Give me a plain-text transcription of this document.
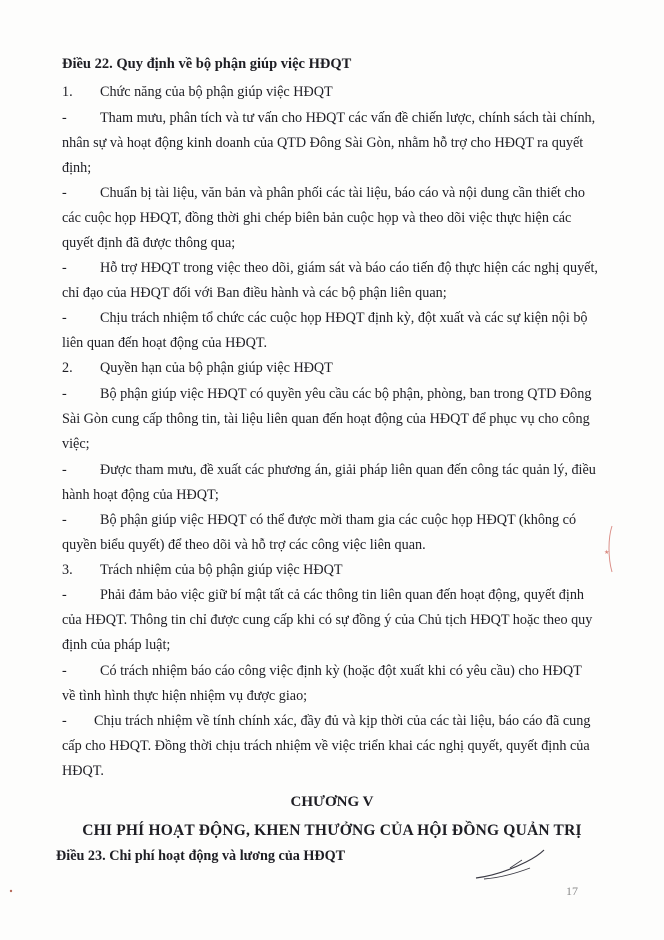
Điều 22. Quy định về bộ phận giúp việc HĐQT
1. Chức năng của bộ phận giúp việc HĐQT
- Tham mưu, phân tích và tư vấn cho HĐQT các vấn đề chiến lược, chính sách tài chính,
nhân sự và hoạt động kinh doanh của QTD Đông Sài Gòn, nhằm hỗ trợ cho HĐQT ra quyết
định;
- Chuẩn bị tài liệu, văn bản và phân phối các tài liệu, báo cáo và nội dung cần thiết cho
các cuộc họp HĐQT, đồng thời ghi chép biên bản cuộc họp và theo dõi việc thực hiện các
quyết định đã được thông qua;
- Hỗ trợ HĐQT trong việc theo dõi, giám sát và báo cáo tiến độ thực hiện các nghị quyết,
chỉ đạo của HĐQT đối với Ban điều hành và các bộ phận liên quan;
- Chịu trách nhiệm tổ chức các cuộc họp HĐQT định kỳ, đột xuất và các sự kiện nội bộ
liên quan đến hoạt động của HĐQT.
2. Quyền hạn của bộ phận giúp việc HĐQT
- Bộ phận giúp việc HĐQT có quyền yêu cầu các bộ phận, phòng, ban trong QTD Đông
Sài Gòn cung cấp thông tin, tài liệu liên quan đến hoạt động của HĐQT để phục vụ cho công
việc;
- Được tham mưu, đề xuất các phương án, giải pháp liên quan đến công tác quản lý, điều
hành hoạt động của HĐQT;
- Bộ phận giúp việc HĐQT có thể được mời tham gia các cuộc họp HĐQT (không có
quyền biểu quyết) để theo dõi và hỗ trợ các công việc liên quan.
3. Trách nhiệm của bộ phận giúp việc HĐQT
- Phải đảm bảo việc giữ bí mật tất cả các thông tin liên quan đến hoạt động, quyết định
của HĐQT. Thông tin chỉ được cung cấp khi có sự đồng ý của Chủ tịch HĐQT hoặc theo quy
định của pháp luật;
- Có trách nhiệm báo cáo công việc định kỳ (hoặc đột xuất khi có yêu cầu) cho HĐQT
về tình hình thực hiện nhiệm vụ được giao;
- Chịu trách nhiệm về tính chính xác, đầy đủ và kịp thời của các tài liệu, báo cáo đã cung
cấp cho HĐQT. Đồng thời chịu trách nhiệm về việc triển khai các nghị quyết, quyết định của
HĐQT.
CHƯƠNG V
CHI PHÍ HOẠT ĐỘNG, KHEN THƯỞNG CỦA HỘI ĐỒNG QUẢN TRỊ
Điều 23. Chi phí hoạt động và lương của HĐQT
★
17
